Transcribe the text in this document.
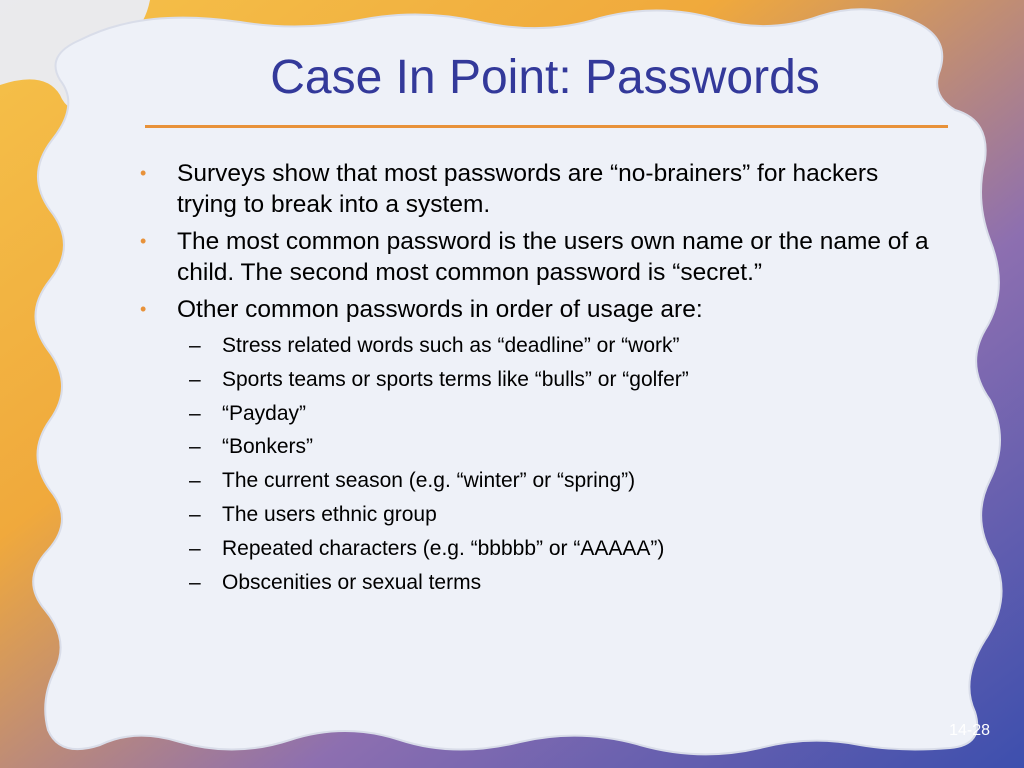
Case In Point: Passwords
• Surveys show that most passwords are “no-brainers” for hackers trying to break into a system.
• The most common password is the users own name or the name of a child. The second most common password is “secret.”
• Other common passwords in order of usage are:
– Stress related words such as “deadline” or “work”
– Sports teams or sports terms like “bulls” or “golfer”
– “Payday”
– “Bonkers”
– The current season (e.g. “winter” or “spring”)
– The users ethnic group
– Repeated characters (e.g. “bbbbb” or “AAAAA”)
– Obscenities or sexual terms
14-28
